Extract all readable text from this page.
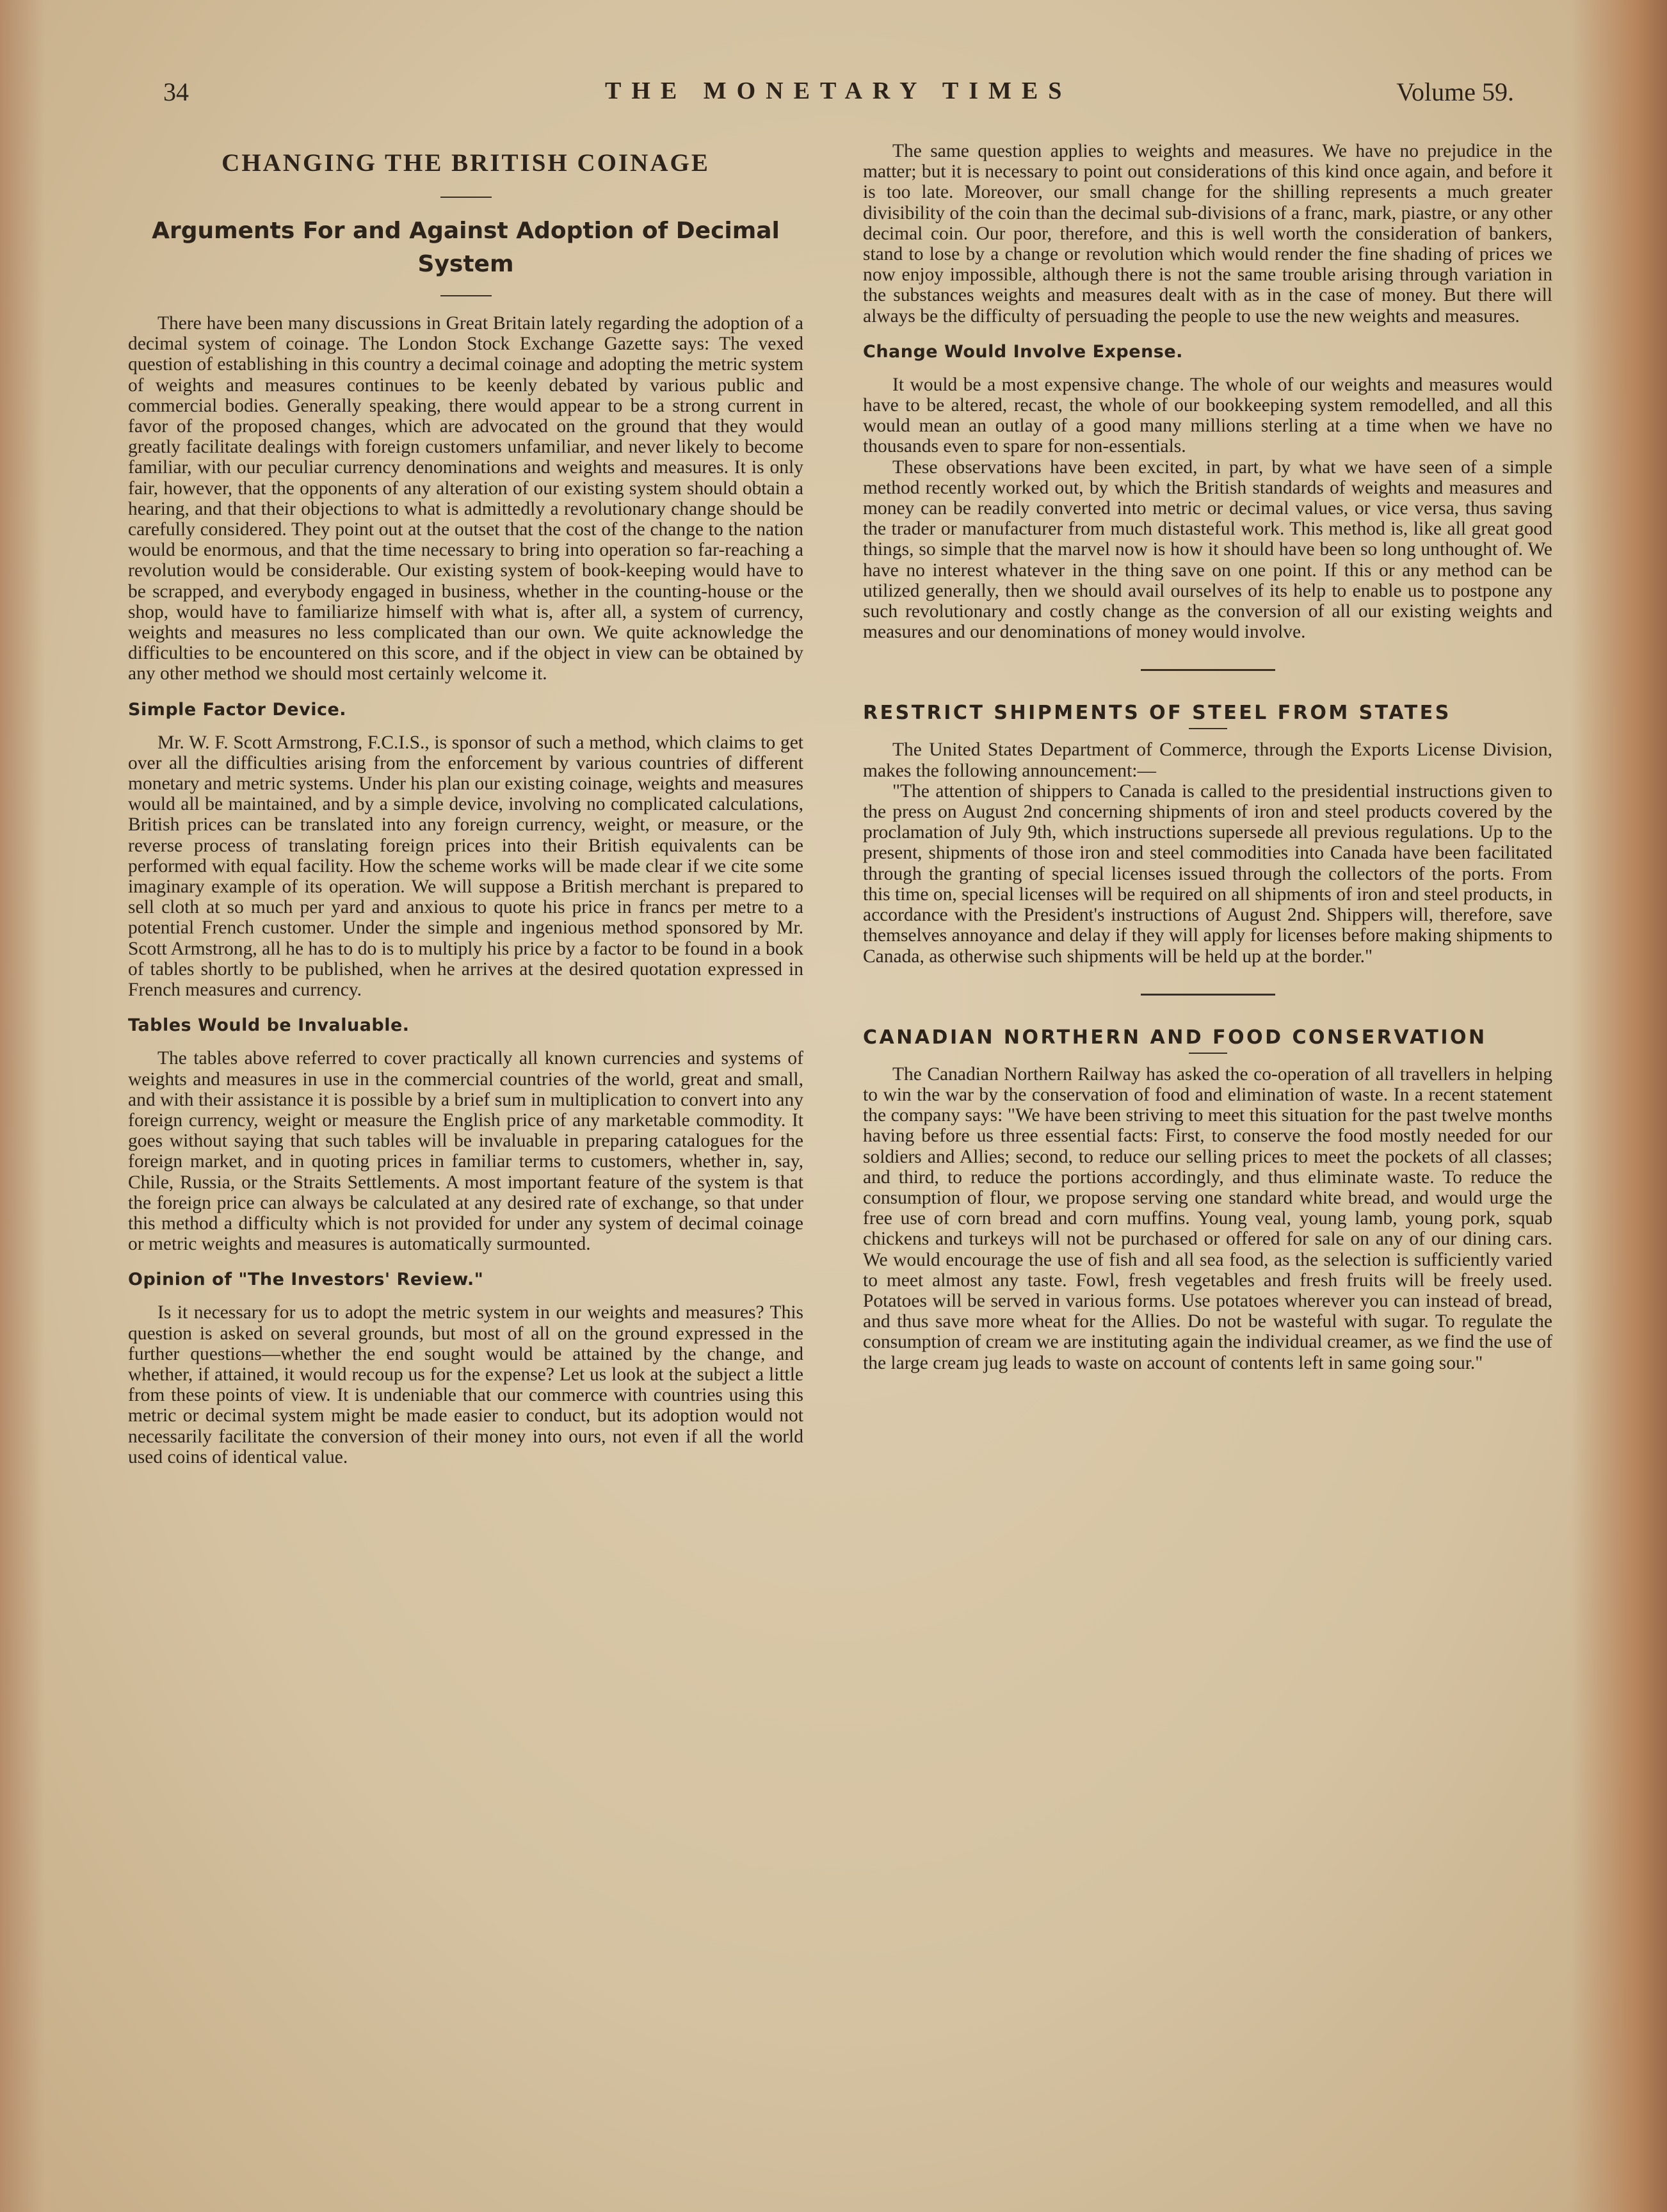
34	THE MONETARY TIMES	Volume 59.
CHANGING THE BRITISH COINAGE
Arguments For and Against Adoption of Decimal System

There have been many discussions in Great Britain lately regarding the adoption of a decimal system of coinage. The London Stock Exchange Gazette says: The vexed question of establishing in this country a decimal coinage and adopting the metric system of weights and measures continues to be keenly debated by various public and commercial bodies. Generally speaking, there would appear to be a strong current in favor of the proposed changes, which are advocated on the ground that they would greatly facilitate dealings with foreign customers unfamiliar, and never likely to become familiar, with our peculiar currency denominations and weights and measures. It is only fair, however, that the opponents of any alteration of our existing system should obtain a hearing, and that their objections to what is admittedly a revolutionary change should be carefully considered. They point out at the outset that the cost of the change to the nation would be enormous, and that the time necessary to bring into operation so far-reaching a revolution would be considerable. Our existing system of book-keeping would have to be scrapped, and everybody engaged in business, whether in the counting-house or the shop, would have to familiarize himself with what is, after all, a system of currency, weights and measures no less complicated than our own. We quite acknowledge the difficulties to be encountered on this score, and if the object in view can be obtained by any other method we should most certainly welcome it.

Simple Factor Device.

Mr. W. F. Scott Armstrong, F.C.I.S., is sponsor of such a method, which claims to get over all the difficulties arising from the enforcement by various countries of different monetary and metric systems. Under his plan our existing coinage, weights and measures would all be maintained, and by a simple device, involving no complicated calculations, British prices can be translated into any foreign currency, weight, or measure, or the reverse process of translating foreign prices into their British equivalents can be performed with equal facility. How the scheme works will be made clear if we cite some imaginary example of its operation. We will suppose a British merchant is prepared to sell cloth at so much per yard and anxious to quote his price in francs per metre to a potential French customer. Under the simple and ingenious method sponsored by Mr. Scott Armstrong, all he has to do is to multiply his price by a factor to be found in a book of tables shortly to be published, when he arrives at the desired quotation expressed in French measures and currency.

Tables Would be Invaluable.

The tables above referred to cover practically all known currencies and systems of weights and measures in use in the commercial countries of the world, great and small, and with their assistance it is possible by a brief sum in multiplication to convert into any foreign currency, weight or measure the English price of any marketable commodity. It goes without saying that such tables will be invaluable in preparing catalogues for the foreign market, and in quoting prices in familiar terms to customers, whether in, say, Chile, Russia, or the Straits Settlements. A most important feature of the system is that the foreign price can always be calculated at any desired rate of exchange, so that under this method a difficulty which is not provided for under any system of decimal coinage or metric weights and measures is automatically surmounted.

Opinion of "The Investors' Review."

Is it necessary for us to adopt the metric system in our weights and measures? This question is asked on several grounds, but most of all on the ground expressed in the further questions—whether the end sought would be attained by the change, and whether, if attained, it would recoup us for the expense? Let us look at the subject a little from these points of view. It is undeniable that our commerce with countries using this metric or decimal system might be made easier to conduct, but its adoption would not necessarily facilitate the conversion of their money into ours, not even if all the world used coins of identical value.

The same question applies to weights and measures. We have no prejudice in the matter; but it is necessary to point out considerations of this kind once again, and before it is too late. Moreover, our small change for the shilling represents a much greater divisibility of the coin than the decimal sub-divisions of a franc, mark, piastre, or any other decimal coin. Our poor, therefore, and this is well worth the consideration of bankers, stand to lose by a change or revolution which would render the fine shading of prices we now enjoy impossible, although there is not the same trouble arising through variation in the substances weights and measures dealt with as in the case of money. But there will always be the difficulty of persuading the people to use the new weights and measures.

Change Would Involve Expense.

It would be a most expensive change. The whole of our weights and measures would have to be altered, recast, the whole of our bookkeeping system remodelled, and all this would mean an outlay of a good many millions sterling at a time when we have no thousands even to spare for non-essentials.

These observations have been excited, in part, by what we have seen of a simple method recently worked out, by which the British standards of weights and measures and money can be readily converted into metric or decimal values, or vice versa, thus saving the trader or manufacturer from much distasteful work. This method is, like all great good things, so simple that the marvel now is how it should have been so long unthought of. We have no interest whatever in the thing save on one point. If this or any method can be utilized generally, then we should avail ourselves of its help to enable us to postpone any such revolutionary and costly change as the conversion of all our existing weights and measures and our denominations of money would involve.

RESTRICT SHIPMENTS OF STEEL FROM STATES

The United States Department of Commerce, through the Exports License Division, makes the following announcement:—

"The attention of shippers to Canada is called to the presidential instructions given to the press on August 2nd concerning shipments of iron and steel products covered by the proclamation of July 9th, which instructions supersede all previous regulations. Up to the present, shipments of those iron and steel commodities into Canada have been facilitated through the granting of special licenses issued through the collectors of the ports. From this time on, special licenses will be required on all shipments of iron and steel products, in accordance with the President's instructions of August 2nd. Shippers will, therefore, save themselves annoyance and delay if they will apply for licenses before making shipments to Canada, as otherwise such shipments will be held up at the border."

CANADIAN NORTHERN AND FOOD CONSERVATION

The Canadian Northern Railway has asked the co-operation of all travellers in helping to win the war by the conservation of food and elimination of waste. In a recent statement the company says: "We have been striving to meet this situation for the past twelve months having before us three essential facts: First, to conserve the food mostly needed for our soldiers and Allies; second, to reduce our selling prices to meet the pockets of all classes; and third, to reduce the portions accordingly, and thus eliminate waste. To reduce the consumption of flour, we propose serving one standard white bread, and would urge the free use of corn bread and corn muffins. Young veal, young lamb, young pork, squab chickens and turkeys will not be purchased or offered for sale on any of our dining cars. We would encourage the use of fish and all sea food, as the selection is sufficiently varied to meet almost any taste. Fowl, fresh vegetables and fresh fruits will be freely used. Potatoes will be served in various forms. Use potatoes wherever you can instead of bread, and thus save more wheat for the Allies. Do not be wasteful with sugar. To regulate the consumption of cream we are instituting again the individual creamer, as we find the use of the large cream jug leads to waste on account of contents left in same going sour."
